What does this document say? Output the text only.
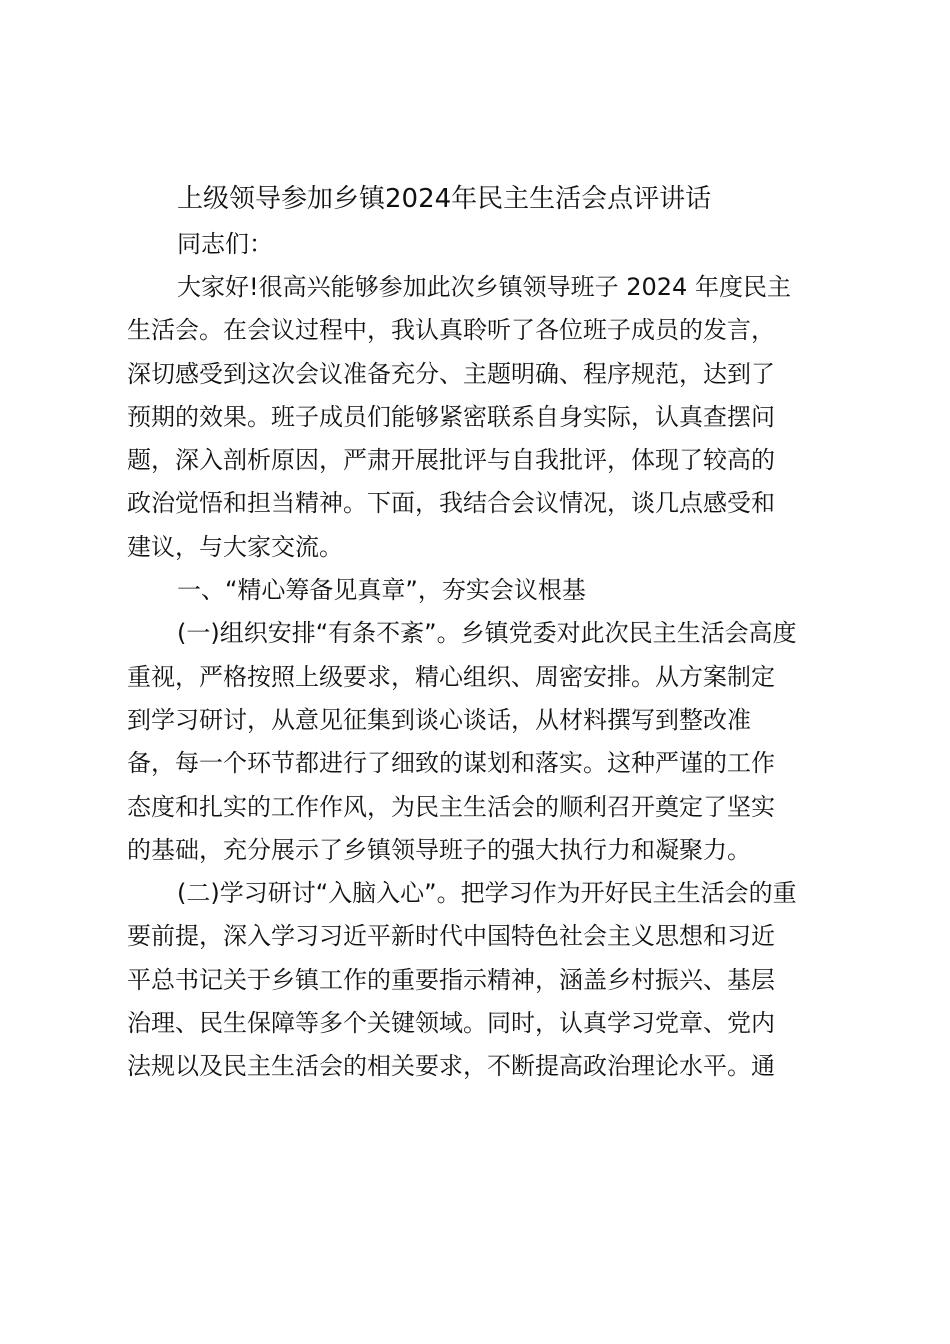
上级领导参加乡镇2024年民主生活会点评讲话

同志们：

大家好!很高兴能够参加此次乡镇领导班子 2024 年度民主
生活会。在会议过程中，我认真聆听了各位班子成员的发言，
深切感受到这次会议准备充分、主题明确、程序规范，达到了
预期的效果。班子成员们能够紧密联系自身实际，认真查摆问
题，深入剖析原因，严肃开展批评与自我批评，体现了较高的
政治觉悟和担当精神。下面，我结合会议情况，谈几点感受和
建议，与大家交流。

一、“精心筹备见真章”，夯实会议根基

(一)组织安排“有条不紊”。乡镇党委对此次民主生活会高度
重视，严格按照上级要求，精心组织、周密安排。从方案制定
到学习研讨，从意见征集到谈心谈话，从材料撰写到整改准
备，每一个环节都进行了细致的谋划和落实。这种严谨的工作
态度和扎实的工作作风，为民主生活会的顺利召开奠定了坚实
的基础，充分展示了乡镇领导班子的强大执行力和凝聚力。

(二)学习研讨“入脑入心”。把学习作为开好民主生活会的重
要前提，深入学习习近平新时代中国特色社会主义思想和习近
平总书记关于乡镇工作的重要指示精神，涵盖乡村振兴、基层
治理、民生保障等多个关键领域。同时，认真学习党章、党内
法规以及民主生活会的相关要求，不断提高政治理论水平。通
